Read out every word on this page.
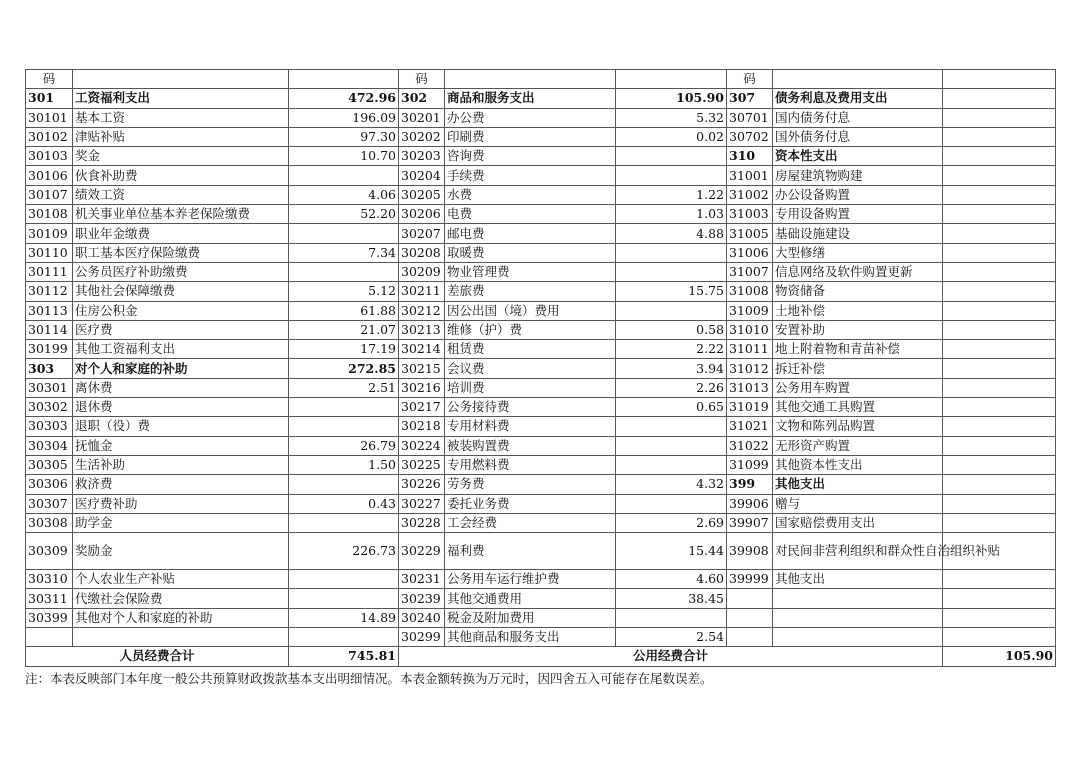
码			码			码		
301	工资福利支出	472.96	302	商品和服务支出	105.90	307	债务利息及费用支出	
30101	基本工资	196.09	30201	办公费	5.32	30701	国内债务付息	
30102	津贴补贴	97.30	30202	印刷费	0.02	30702	国外债务付息	
30103	奖金	10.70	30203	咨询费		310	资本性支出	
30106	伙食补助费		30204	手续费		31001	房屋建筑物购建	
30107	绩效工资	4.06	30205	水费	1.22	31002	办公设备购置	
30108	机关事业单位基本养老保险缴费	52.20	30206	电费	1.03	31003	专用设备购置	
30109	职业年金缴费		30207	邮电费	4.88	31005	基础设施建设	
30110	职工基本医疗保险缴费	7.34	30208	取暖费		31006	大型修缮	
30111	公务员医疗补助缴费		30209	物业管理费		31007	信息网络及软件购置更新	
30112	其他社会保障缴费	5.12	30211	差旅费	15.75	31008	物资储备	
30113	住房公积金	61.88	30212	因公出国（境）费用		31009	土地补偿	
30114	医疗费	21.07	30213	维修（护）费	0.58	31010	安置补助	
30199	其他工资福利支出	17.19	30214	租赁费	2.22	31011	地上附着物和青苗补偿	
303	对个人和家庭的补助	272.85	30215	会议费	3.94	31012	拆迁补偿	
30301	离休费	2.51	30216	培训费	2.26	31013	公务用车购置	
30302	退休费		30217	公务接待费	0.65	31019	其他交通工具购置	
30303	退职（役）费		30218	专用材料费		31021	文物和陈列品购置	
30304	抚恤金	26.79	30224	被装购置费		31022	无形资产购置	
30305	生活补助	1.50	30225	专用燃料费		31099	其他资本性支出	
30306	救济费		30226	劳务费	4.32	399	其他支出	
30307	医疗费补助	0.43	30227	委托业务费		39906	赠与	
30308	助学金		30228	工会经费	2.69	39907	国家赔偿费用支出	
30309	奖励金	226.73	30229	福利费	15.44	39908	对民间非营利组织和群众性自治组织补贴	
30310	个人农业生产补贴		30231	公务用车运行维护费	4.60	39999	其他支出	
30311	代缴社会保险费		30239	其他交通费用	38.45			
30399	其他对个人和家庭的补助	14.89	30240	税金及附加费用				
			30299	其他商品和服务支出	2.54			
人员经费合计		745.81	公用经费合计					105.90
注：本表反映部门本年度一般公共预算财政拨款基本支出明细情况。本表金额转换为万元时，因四舍五入可能存在尾数误差。
